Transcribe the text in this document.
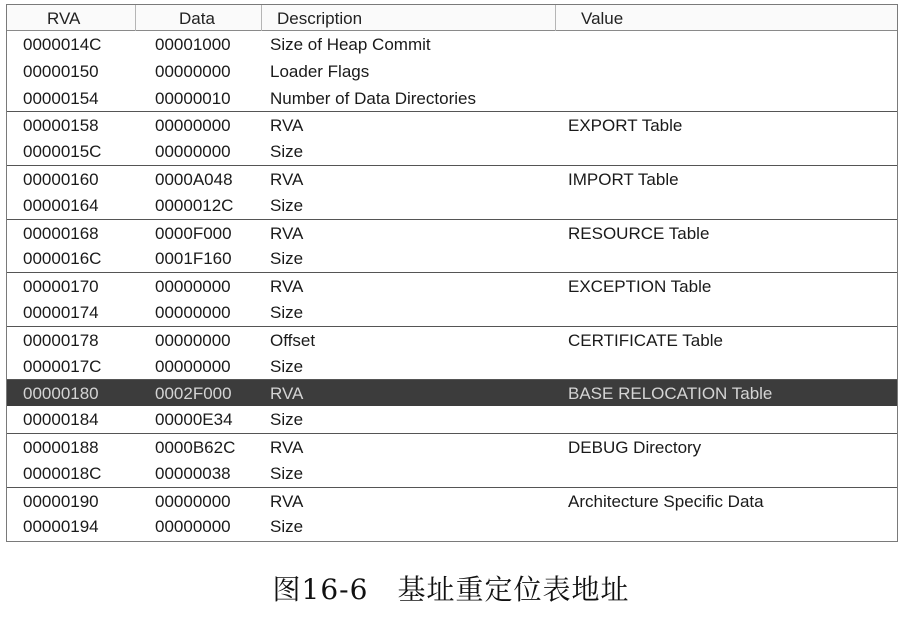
RVA	Data	Description	Value
0000014C	00001000 Size of Heap Commit
00000150	00000000 Loader Flags
00000154	00000010 Number of Data Directories
00000158	00000000 RVA	EXPORT Table
0000015C	00000000 Size
00000160	0000A048 RVA	IMPORT Table
00000164	0000012C Size
00000168	0000F000 RVA	RESOURCE Table
0000016C	0001F160 Size
00000170	00000000 RVA	EXCEPTION Table
00000174	00000000 Size
00000178	00000000 Offset	CERTIFICATE Table
0000017C	00000000 Size
00000180	0002F000 RVA	BASE RELOCATION Table
00000184	00000E34 Size
00000188	0000B62C RVA	DEBUG Directory
0000018C	00000038 Size
00000190	00000000 RVA	Architecture Specific Data
00000194	00000000 Size
图16-6　基址重定位表地址
